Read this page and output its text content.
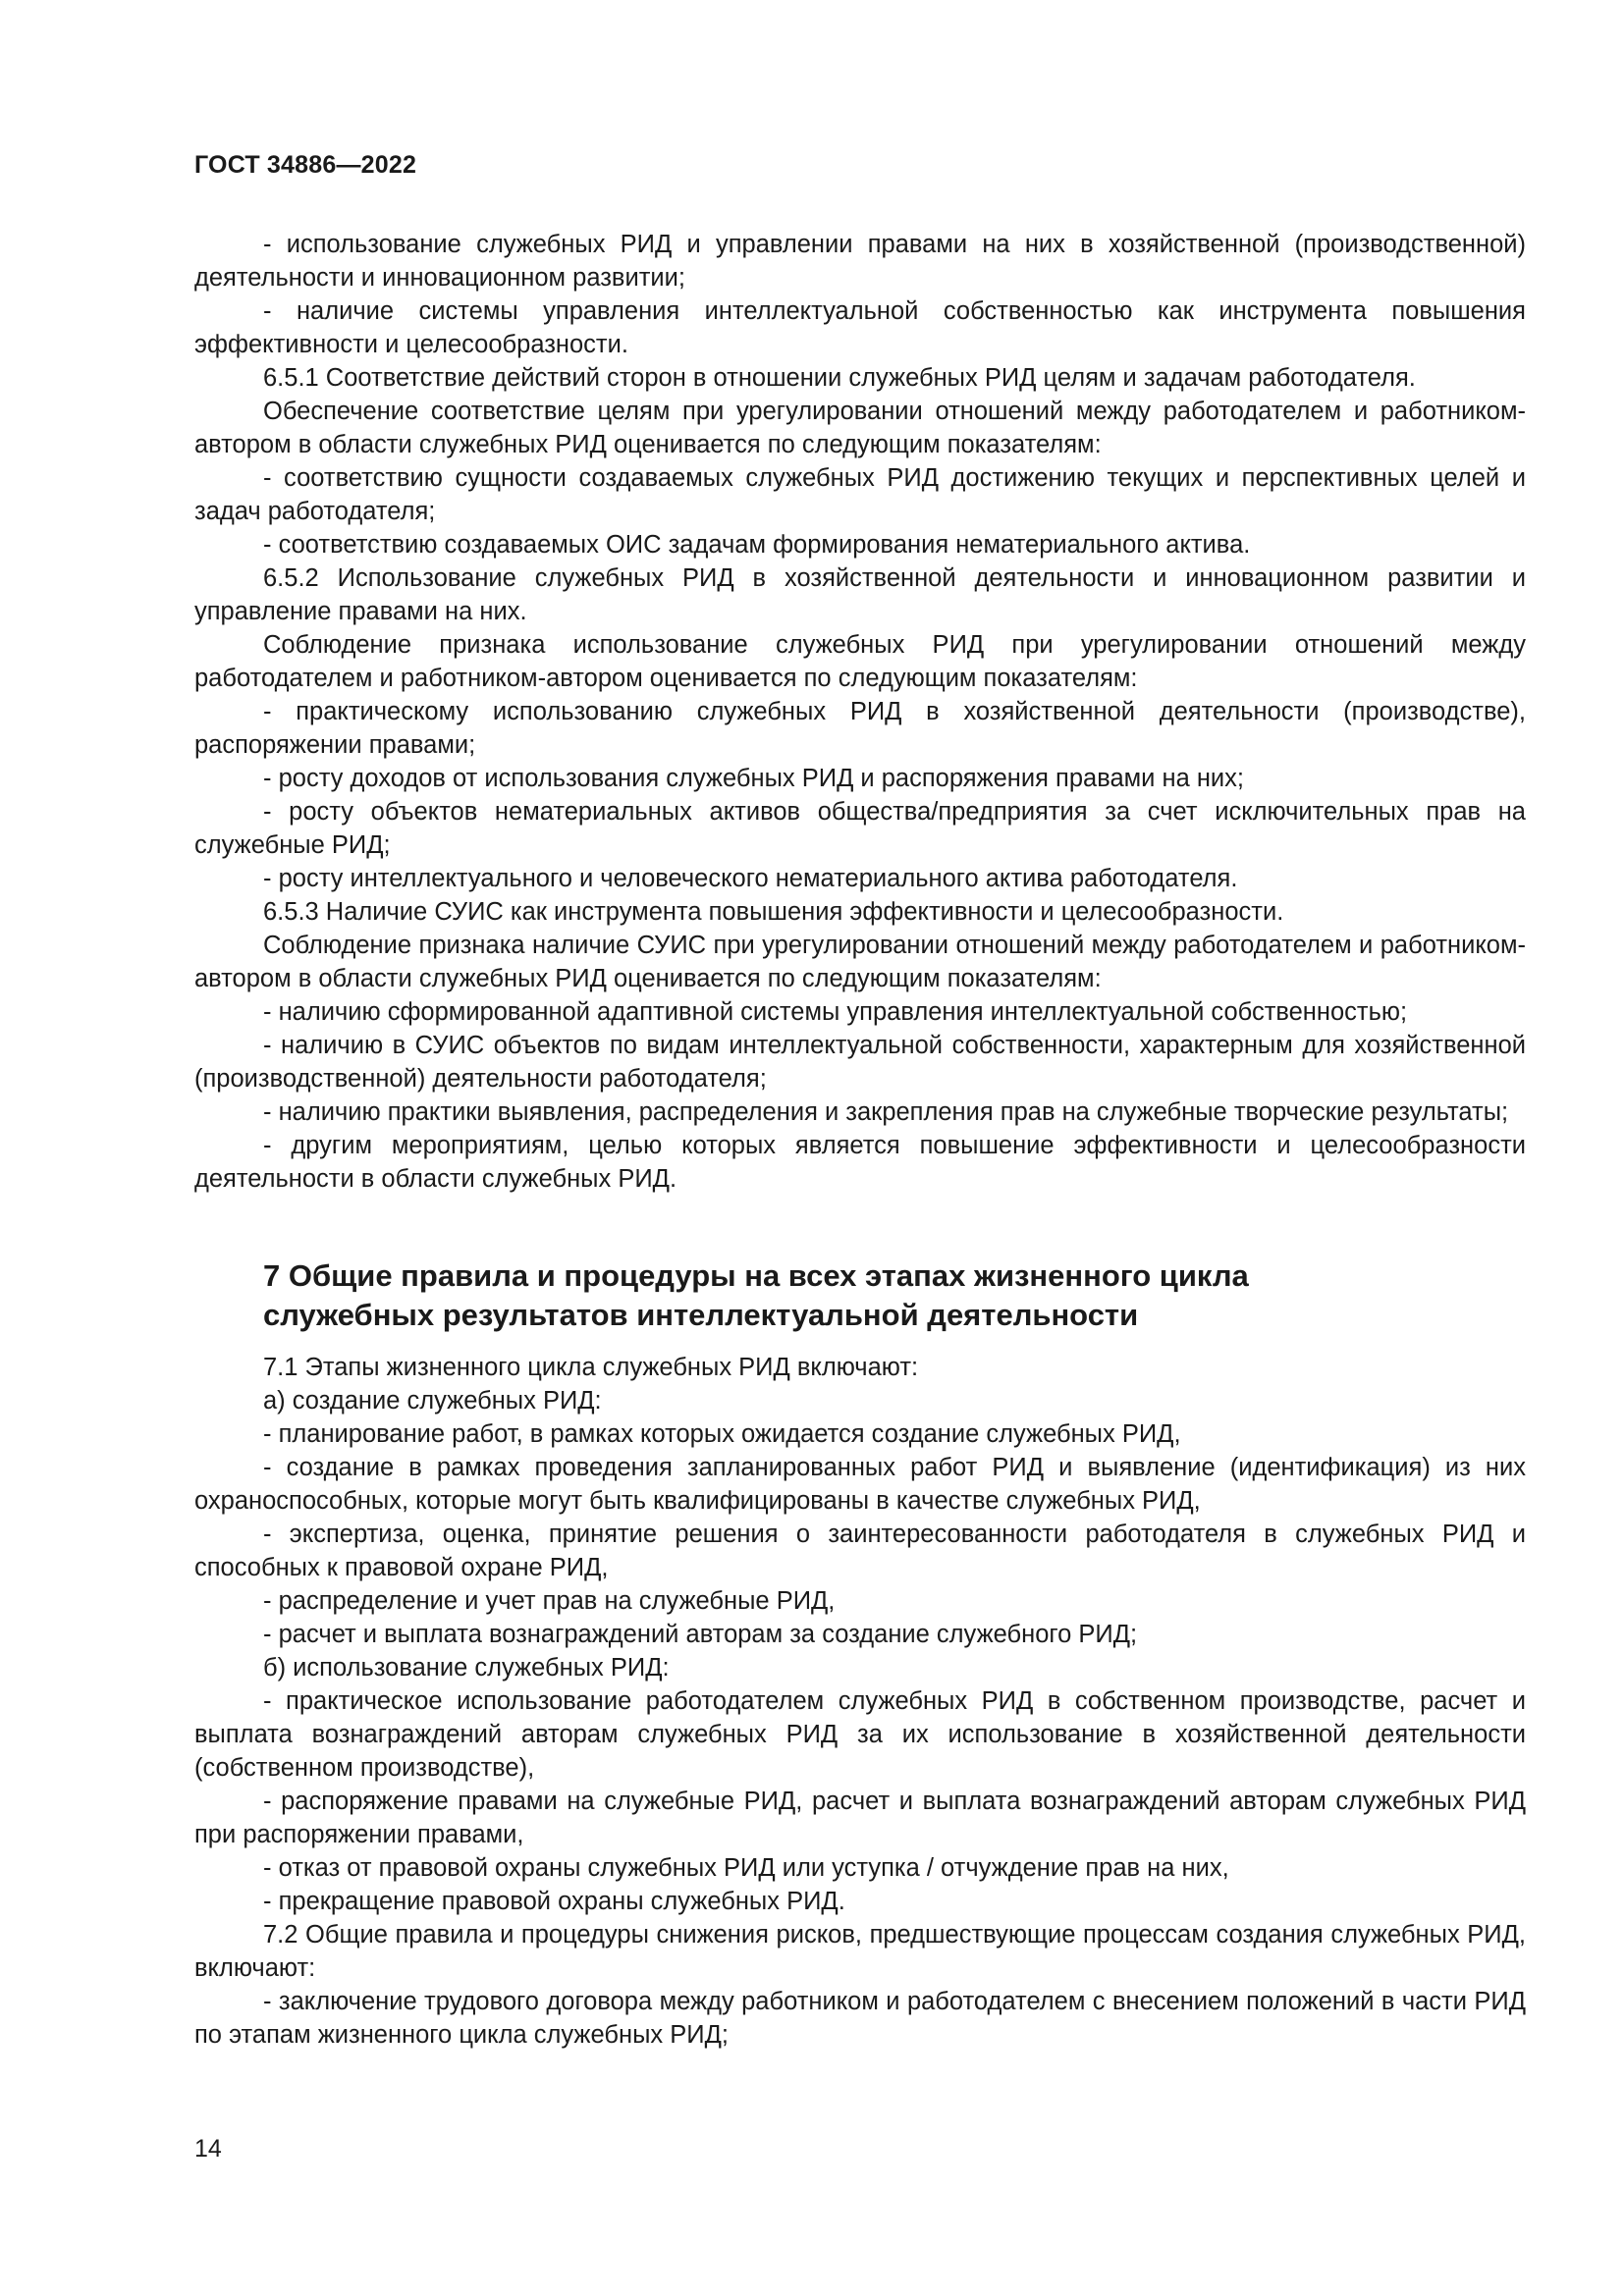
ГОСТ 34886—2022

- использование служебных РИД и управлении правами на них в хозяйственной (производственной) деятельности и инновационном развитии;

- наличие системы управления интеллектуальной собственностью как инструмента повышения эффективности и целесообразности.

6.5.1 Соответствие действий сторон в отношении служебных РИД целям и задачам работодателя.

Обеспечение соответствие целям при урегулировании отношений между работодателем и работником-автором в области служебных РИД оценивается по следующим показателям:

- соответствию сущности создаваемых служебных РИД достижению текущих и перспективных целей и задач работодателя;

- соответствию создаваемых ОИС задачам формирования нематериального актива.

6.5.2 Использование служебных РИД в хозяйственной деятельности и инновационном развитии и управление правами на них.

Соблюдение признака использование служебных РИД при урегулировании отношений между работодателем и работником-автором оценивается по следующим показателям:

- практическому использованию служебных РИД в хозяйственной деятельности (производстве), распоряжении правами;

- росту доходов от использования служебных РИД и распоряжения правами на них;

- росту объектов нематериальных активов общества/предприятия за счет исключительных прав на служебные РИД;

- росту интеллектуального и человеческого нематериального актива работодателя.

6.5.3 Наличие СУИС как инструмента повышения эффективности и целесообразности.

Соблюдение признака наличие СУИС при урегулировании отношений между работодателем и работником-автором в области служебных РИД оценивается по следующим показателям:

- наличию сформированной адаптивной системы управления интеллектуальной собственностью;

- наличию в СУИС объектов по видам интеллектуальной собственности, характерным для хозяйственной (производственной) деятельности работодателя;

- наличию практики выявления, распределения и закрепления прав на служебные творческие результаты;

- другим мероприятиям, целью которых является повышение эффективности и целесообразности деятельности в области служебных РИД.

7 Общие правила и процедуры на всех этапах жизненного цикла
служебных результатов интеллектуальной деятельности

7.1 Этапы жизненного цикла служебных РИД включают:

а) создание служебных РИД:

- планирование работ, в рамках которых ожидается создание служебных РИД,

- создание в рамках проведения запланированных работ РИД и выявление (идентификация) из них охраноспособных, которые могут быть квалифицированы в качестве служебных РИД,

- экспертиза, оценка, принятие решения о заинтересованности работодателя в служебных РИД и способных к правовой охране РИД,

- распределение и учет прав на служебные РИД,

- расчет и выплата вознаграждений авторам за создание служебного РИД;

б) использование служебных РИД:

- практическое использование работодателем служебных РИД в собственном производстве, расчет и выплата вознаграждений авторам служебных РИД за их использование в хозяйственной деятельности (собственном производстве),

- распоряжение правами на служебные РИД, расчет и выплата вознаграждений авторам служебных РИД при распоряжении правами,

- отказ от правовой охраны служебных РИД или уступка / отчуждение прав на них,

- прекращение правовой охраны служебных РИД.

7.2 Общие правила и процедуры снижения рисков, предшествующие процессам создания служебных РИД, включают:

- заключение трудового договора между работником и работодателем с внесением положений в части РИД по этапам жизненного цикла служебных РИД;

14
